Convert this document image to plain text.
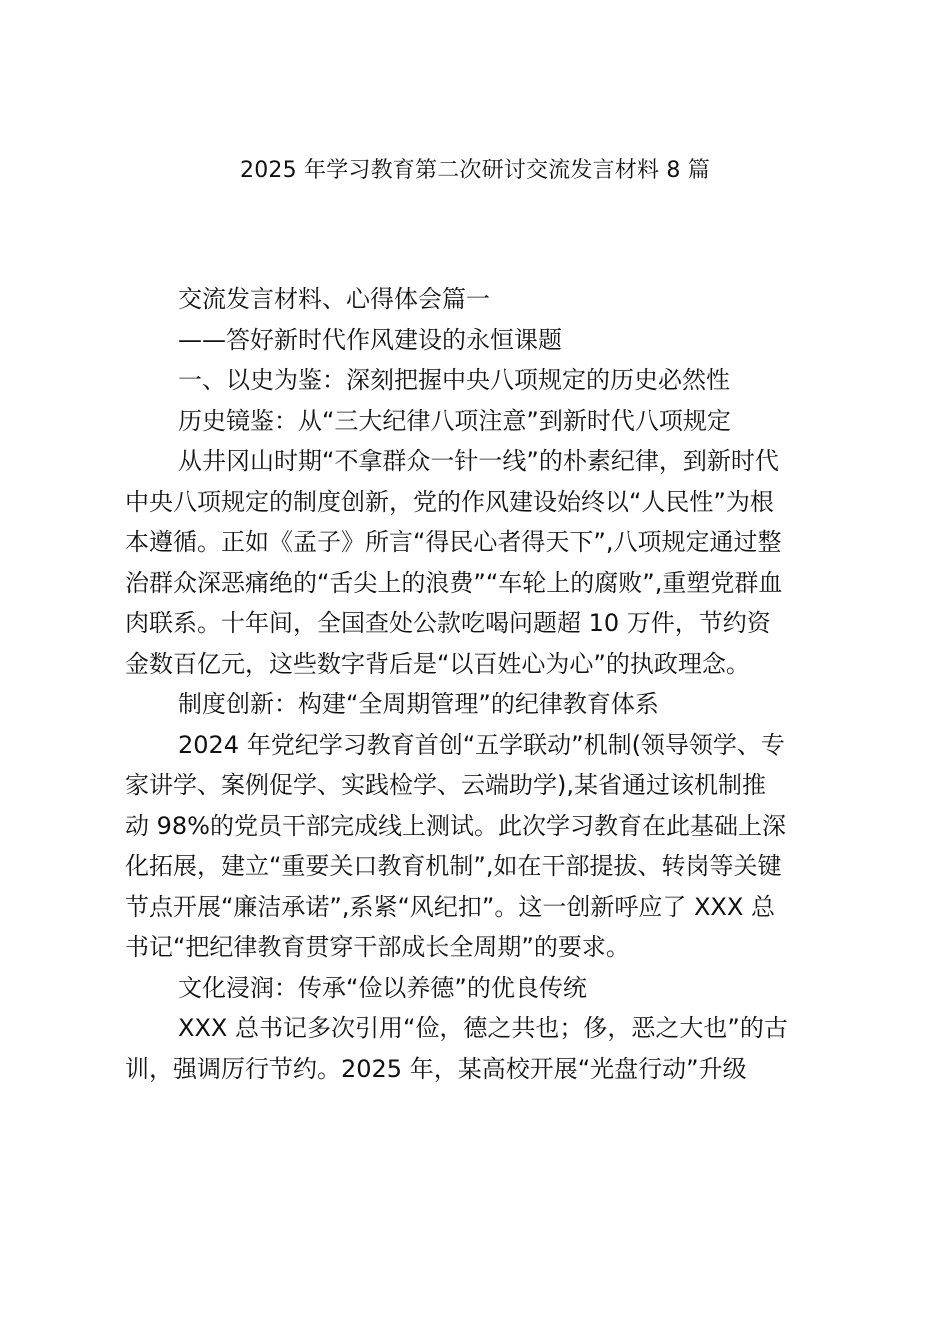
2025 年学习教育第二次研讨交流发言材料 8 篇

交流发言材料、心得体会篇一

——答好新时代作风建设的永恒课题

一、以史为鉴：深刻把握中央八项规定的历史必然性

历史镜鉴：从“三大纪律八项注意”到新时代八项规定

从井冈山时期“不拿群众一针一线”的朴素纪律，到新时代

中央八项规定的制度创新，党的作风建设始终以“人民性”为根

本遵循。正如《孟子》所言“得民心者得天下”,八项规定通过整

治群众深恶痛绝的“舌尖上的浪费”“车轮上的腐败”,重塑党群血

肉联系。十年间，全国查处公款吃喝问题超 10 万件，节约资

金数百亿元，这些数字背后是“以百姓心为心”的执政理念。

制度创新：构建“全周期管理”的纪律教育体系

2024 年党纪学习教育首创“五学联动”机制(领导领学、专

家讲学、案例促学、实践检学、云端助学),某省通过该机制推

动 98%的党员干部完成线上测试。此次学习教育在此基础上深

化拓展，建立“重要关口教育机制”,如在干部提拔、转岗等关键

节点开展“廉洁承诺”,系紧“风纪扣”。这一创新呼应了 XXX 总

书记“把纪律教育贯穿干部成长全周期”的要求。

文化浸润：传承“俭以养德”的优良传统

XXX 总书记多次引用“俭，德之共也；侈，恶之大也”的古

训，强调厉行节约。2025 年，某高校开展“光盘行动”升级
